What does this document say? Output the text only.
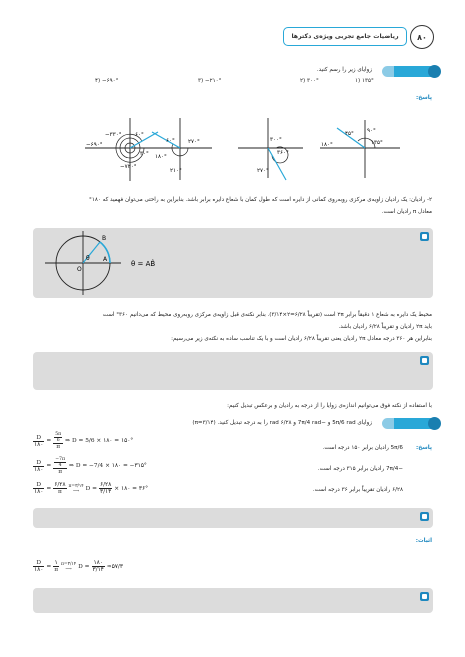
ریاضیات جامع تجربی ویژه‌ی دکترها	۸۰
زوایای زیر را رسم کنید.
۱) ۱۳۵°
۲) ۳۰۰°
۳) −۲۱۰°
۴) −۶۹۰°
پاسخ:
−۳۳۰° ۶۰°
−۶۹۰°
۳۰°
−۷۲۰°
۶۰° ۲۷۰°
۱۸۰°
۲۱۰°
۳۰۰°
۳۶۰°
۲۷۰°
۴۵° ۹۰°
۱۳۵°
۱۸۰°
۲- رادیان: یک رادیان زاویه‌ی مرکزی روبه‌روی کمانی از دایره است که طول کمان با شعاع دایره برابر باشد. بنابراین به راحتی می‌توان فهمید که ۱۸۰°
معادل π رادیان است.
B
A
O
θ
θ = AB̂
محیط یک دایره به شعاع ۱ دقیقاً برابر ۲π است (تقریباً ۶/۲۸=۲×۳/۱۴). بنابر نکته‌ی قبل زاویه‌ی مرکزی روبه‌روی محیط که می‌دانیم ۳۶۰° است
باید ۲π رادیان و تقریباً ۶/۲۸ رادیان باشد.
بنابراین هر ۳۶۰ درجه معادل ۲π رادیان یعنی تقریباً ۶/۲۸ رادیان است و با یک تناسب ساده به نکته‌ی زیر می‌رسیم:
با استفاده از نکته فوق می‌توانیم اندازه‌ی زوایا را از درجه به رادیان و برعکس تبدیل کنیم:
زوایای 5π/6 rad و −7π/4 rad و ۶/۲۸ rad را به درجه تبدیل کنید. (π=۳/۱۴)
پاسخ:
5π/6 رادیان برابر ۱۵۰ درجه است.
−7π/4 رادیان برابر ۳۱۵ درجه است.
۶/۲۸ رادیان تقریباً برابر ۳۶ درجه است.
$\frac{D}{۱۸۰} = \frac{\frac{5\pi}{6}}{\pi}$ ⇒ D = 5/6 × ۱۸۰ = ۱۵۰°
$\frac{D}{۱۸۰} = \frac{\frac{-7\pi}{4}}{\pi}$ ⇒ D = −7/4 × ۱۸۰ = −۳۱۵°
$\frac{D}{۱۸۰} = \frac{۶/۲۸}{\pi}$ π=۳/۱۴
⟶	$D = \frac{۶/۲۸}{۳/۱۴}$ × ۱۸۰ = ۳۶°
اثبات:
$\frac{D}{۱۸۰} = \frac{۱}{\pi}$ π=۳/۱۴
⟶	$D = \frac{۱۸۰}{۳/۱۴}$ ≈۵۷/۳
